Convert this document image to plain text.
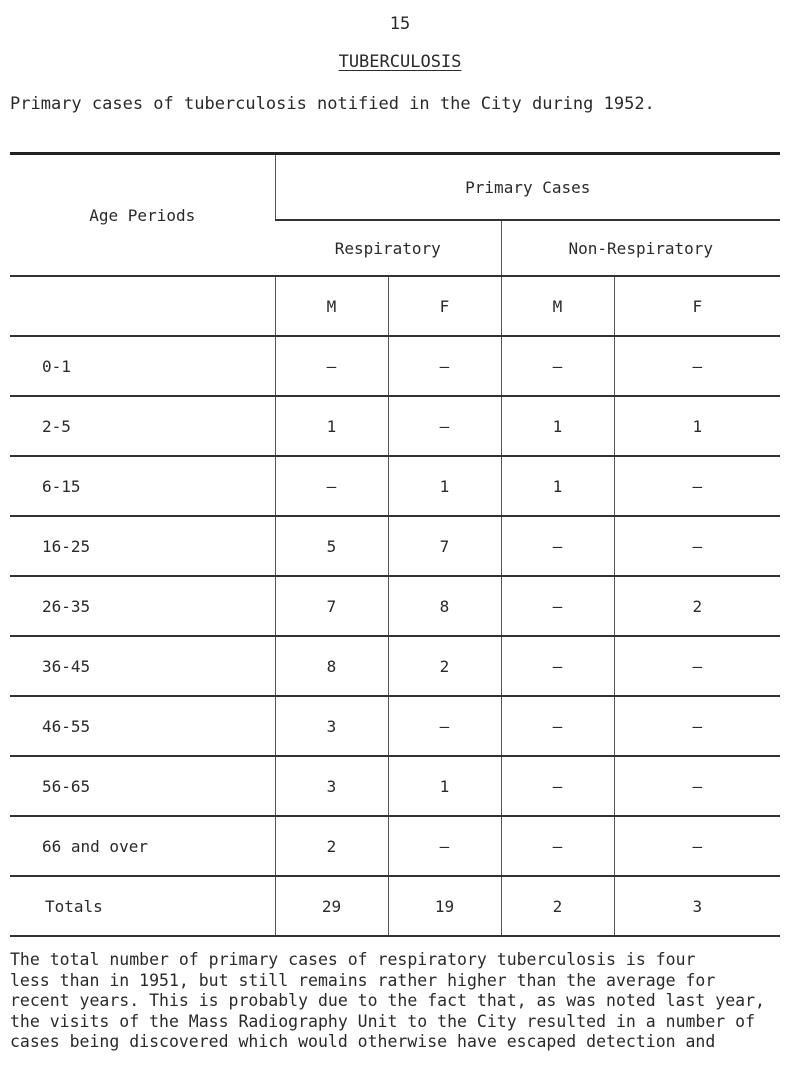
15
TUBERCULOSIS
Primary cases of tuberculosis notified in the City during 1952.
Age Periods	Primary Cases			
	Respiratory		Non-Respiratory	
	M	F	M	F
0-1	–	–	–	–
2-5	1	–	1	1
6-15	–	1	1	–
16-25	5	7	–	–
26-35	7	8	–	2
36-45	8	2	–	–
46-55	3	–	–	–
56-65	3	1	–	–
66 and over	2	–	–	–
Totals	29	19	2	3
The total number of primary cases of respiratory tuberculosis is four
less than in 1951, but still remains rather higher than the average for
recent years. This is probably due to the fact that, as was noted last year,
the visits of the Mass Radiography Unit to the City resulted in a number of
cases being discovered which would otherwise have escaped detection and
